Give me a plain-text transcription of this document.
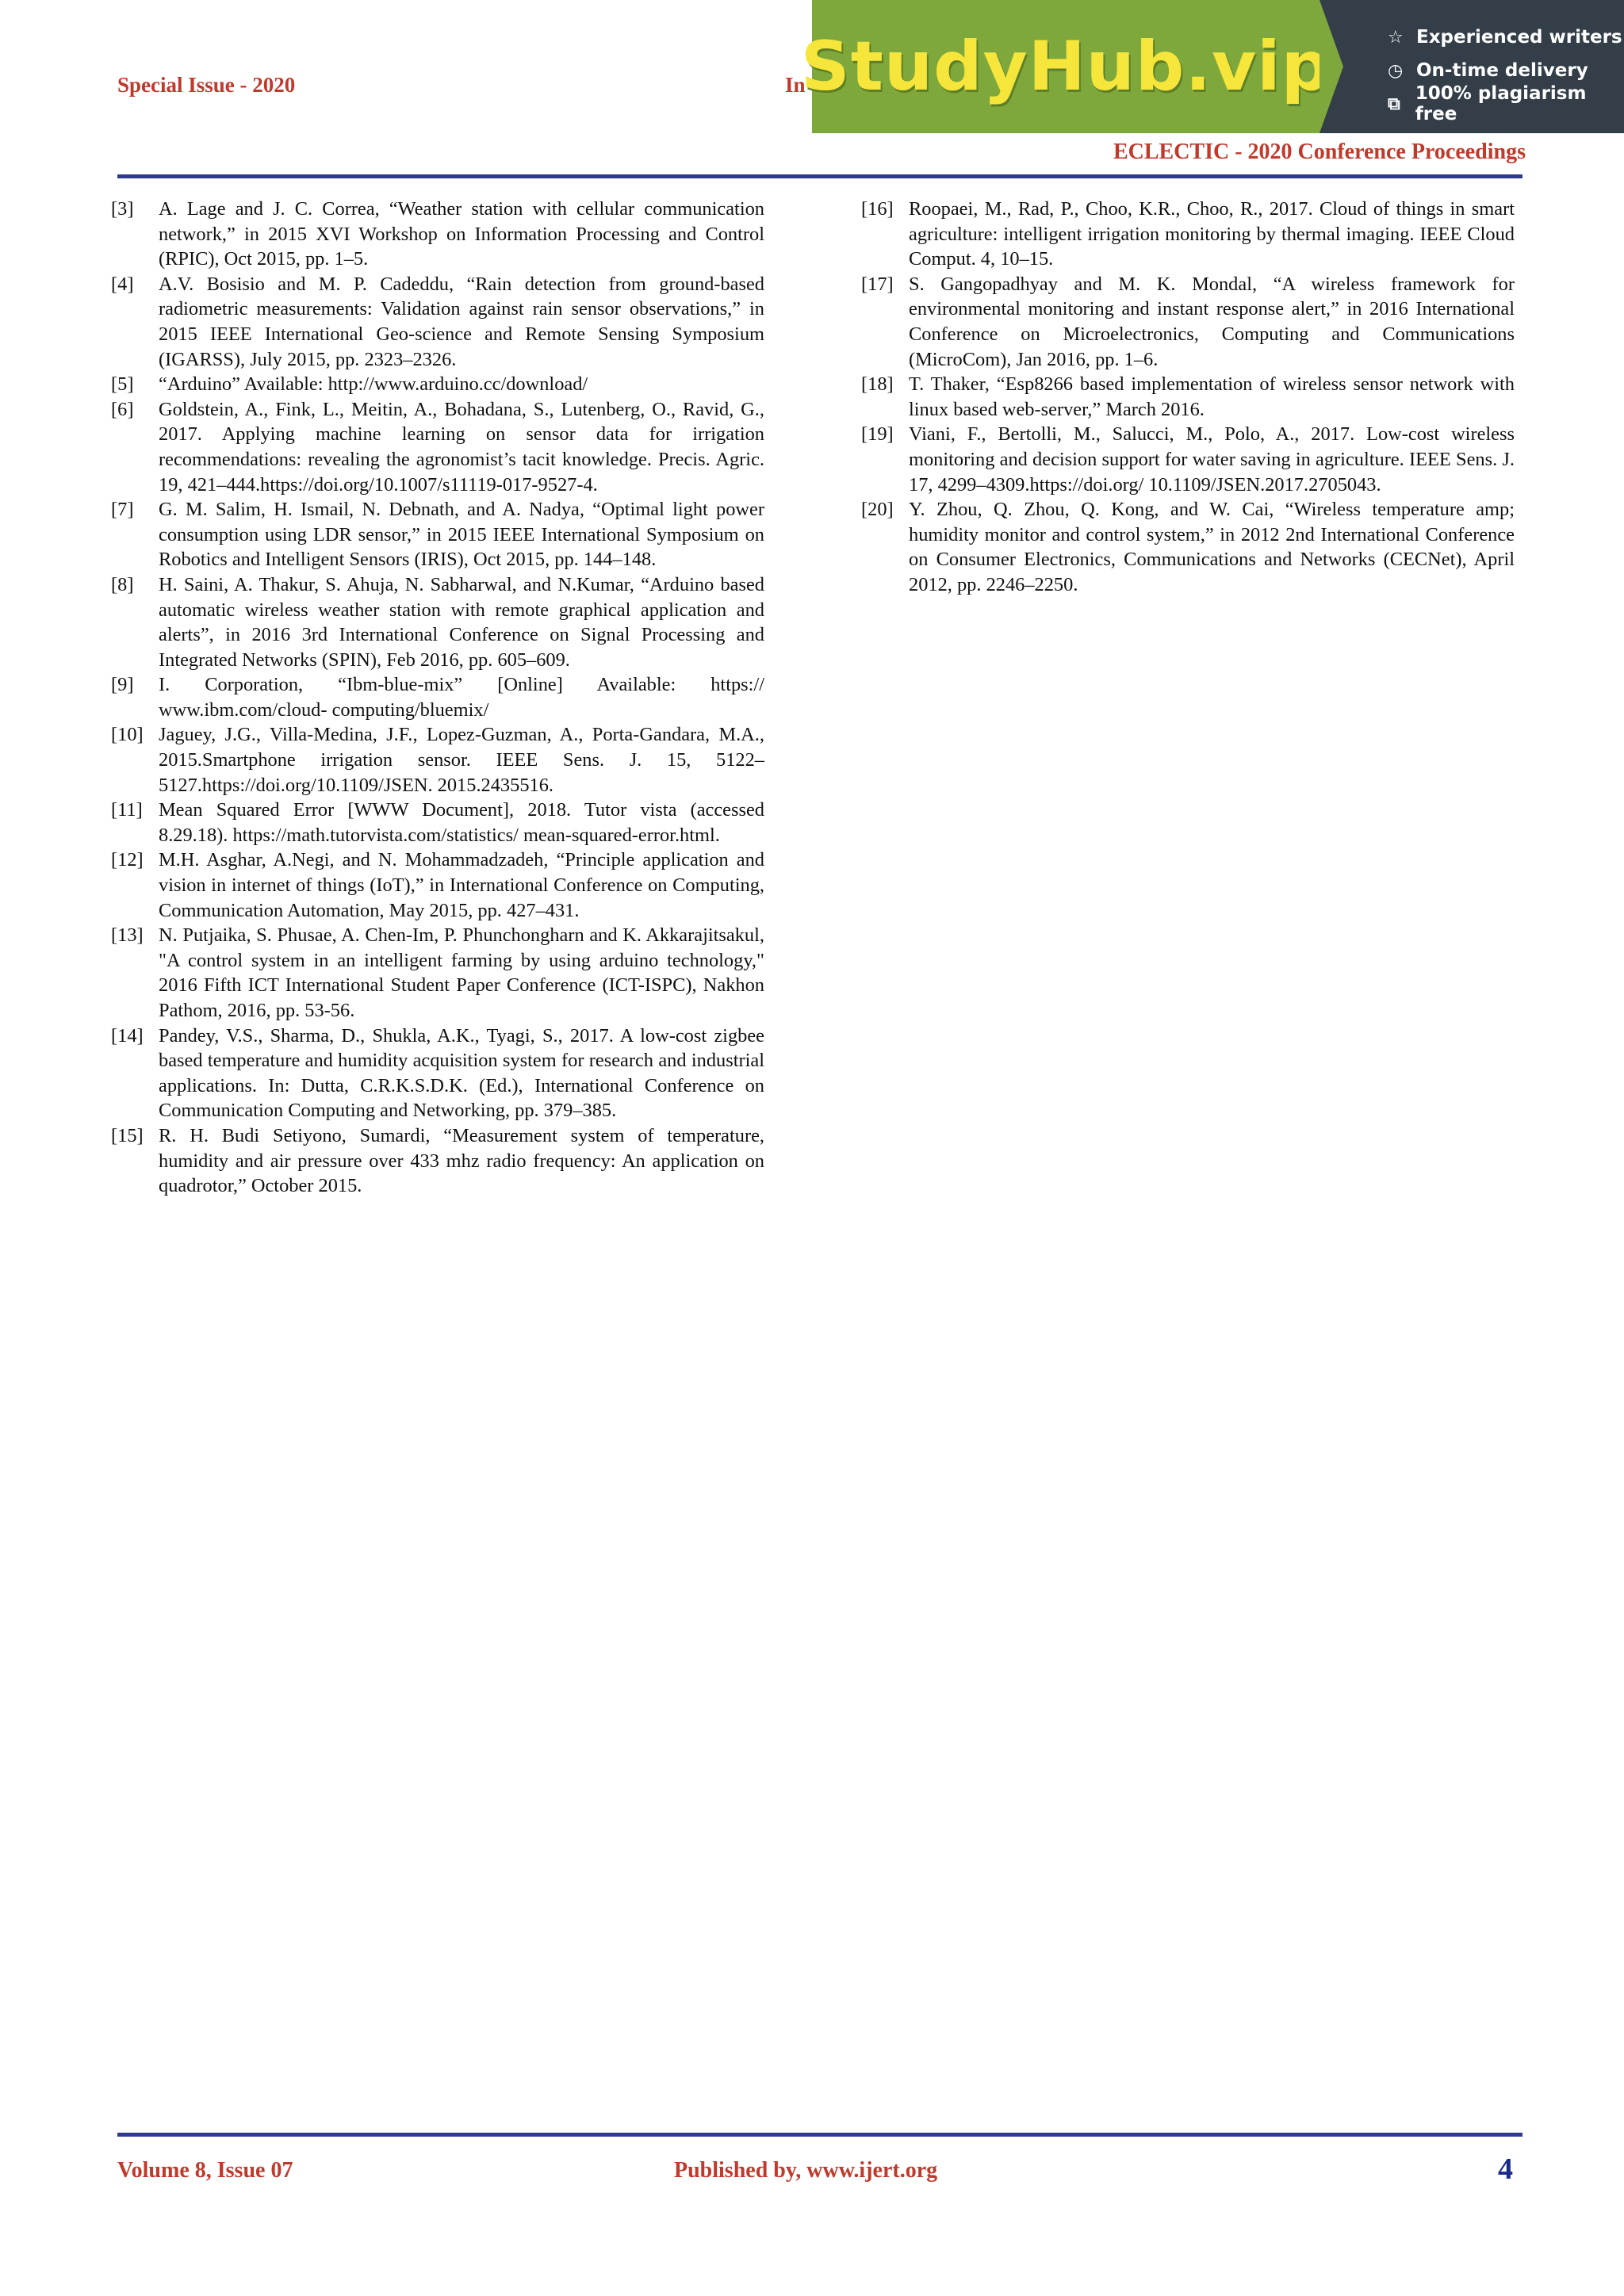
Special Issue - 2020	In
ECLECTIC - 2020 Conference Proceedings
StudyHub.vip	☆ Experienced writers
◷ On-time delivery
⧉ 100% plagiarism free
[3]	A. Lage and J. C. Correa, “Weather station with cellular communication network,” in 2015 XVI Workshop on Information Processing and Control (RPIC), Oct 2015, pp. 1–5.
[4]	A.V. Bosisio and M. P. Cadeddu, “Rain detection from ground-based radiometric measurements: Validation against rain sensor observations,” in 2015 IEEE International Geo-science and Remote Sensing Symposium (IGARSS), July 2015, pp. 2323–2326.
[5]	“Arduino” Available: http://www.arduino.cc/download/
[6]	Goldstein, A., Fink, L., Meitin, A., Bohadana, S., Lutenberg, O., Ravid, G., 2017. Applying machine learning on sensor data for irrigation recommendations: revealing the agronomist’s tacit knowledge. Precis. Agric. 19, 421–444.https://doi.org/10.1007/s11119-017-9527-4.
[7]	G. M. Salim, H. Ismail, N. Debnath, and A. Nadya, “Optimal light power consumption using LDR sensor,” in 2015 IEEE International Symposium on Robotics and Intelligent Sensors (IRIS), Oct 2015, pp. 144–148.
[8]	H. Saini, A. Thakur, S. Ahuja, N. Sabharwal, and N.Kumar, “Arduino based automatic wireless weather station with remote graphical application and alerts”, in 2016 3rd International Conference on Signal Processing and Integrated Networks (SPIN), Feb 2016, pp. 605–609.
[9]	I. Corporation, “Ibm-blue-mix” [Online] Available: https:// www.ibm.com/cloud- computing/bluemix/
[10] Jaguey, J.G., Villa-Medina, J.F., Lopez-Guzman, A., Porta-Gandara, M.A., 2015.Smartphone irrigation sensor. IEEE Sens. J. 15, 5122–5127.https://doi.org/10.1109/JSEN. 2015.2435516.
[11] Mean Squared Error [WWW Document], 2018. Tutor vista (accessed 8.29.18). https://math.tutorvista.com/statistics/ mean-squared-error.html.
[12] M.H. Asghar, A.Negi, and N. Mohammadzadeh, “Principle application and vision in internet of things (IoT),” in International Conference on Computing, Communication Automation, May 2015, pp. 427–431.
[13] N. Putjaika, S. Phusae, A. Chen-Im, P. Phunchongharn and K. Akkarajitsakul, "A control system in an intelligent farming by using arduino technology," 2016 Fifth ICT International Student Paper Conference (ICT-ISPC), Nakhon Pathom, 2016, pp. 53-56.
[14] Pandey, V.S., Sharma, D., Shukla, A.K., Tyagi, S., 2017. A low-cost zigbee based temperature and humidity acquisition system for research and industrial applications. In: Dutta, C.R.K.S.D.K. (Ed.), International Conference on Communication Computing and Networking, pp. 379–385.
[15] R. H. Budi Setiyono, Sumardi, “Measurement system of temperature, humidity and air pressure over 433 mhz radio frequency: An application on quadrotor,” October 2015.
[16] Roopaei, M., Rad, P., Choo, K.R., Choo, R., 2017. Cloud of things in smart agriculture: intelligent irrigation monitoring by thermal imaging. IEEE Cloud Comput. 4, 10–15.
[17] S. Gangopadhyay and M. K. Mondal, “A wireless framework for environmental monitoring and instant response alert,” in 2016 International Conference on Microelectronics, Computing and Communications (MicroCom), Jan 2016, pp. 1–6.
[18] T. Thaker, “Esp8266 based implementation of wireless sensor network with linux based web-server,” March 2016.
[19] Viani, F., Bertolli, M., Salucci, M., Polo, A., 2017. Low-cost wireless monitoring and decision support for water saving in agriculture. IEEE Sens. J. 17, 4299–4309.https://doi.org/ 10.1109/JSEN.2017.2705043.
[20] Y. Zhou, Q. Zhou, Q. Kong, and W. Cai, “Wireless temperature amp; humidity monitor and control system,” in 2012 2nd International Conference on Consumer Electronics, Communications and Networks (CECNet), April 2012, pp. 2246–2250.
Volume 8, Issue 07	Published by, www.ijert.org	4
